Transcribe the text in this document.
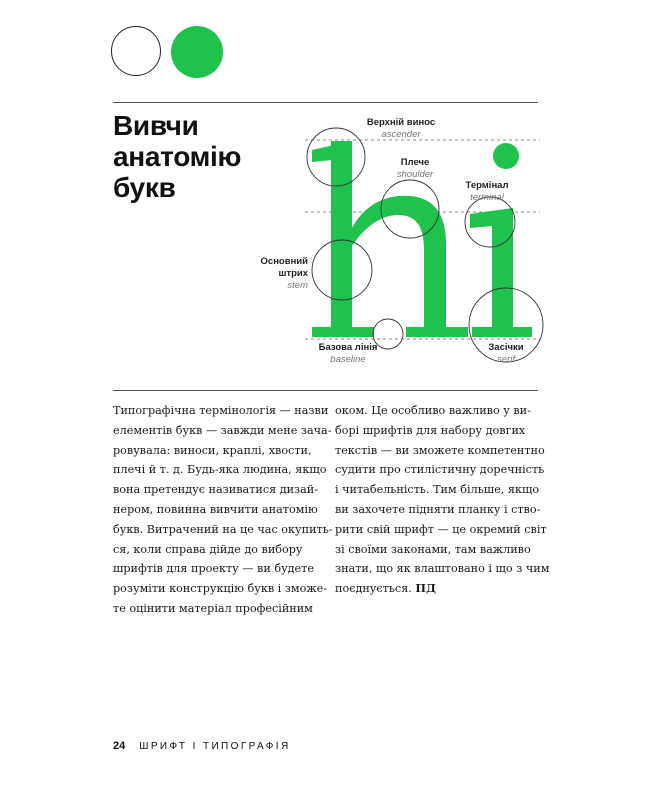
Вивчи
анатомію
букв
Верхній винос
ascender
Плече
shoulder
Термінал
terminal
Основний
штрих
stem
Базова лінія
baseline
Засічки
serif
Типографічна термінологія — назви
елементів букв — завжди мене зача-
ровувала: виноси, краплі, хвости,
плечі й т. д. Будь-яка людина, якщо
вона претендує називатися дизай-
нером, повинна вивчити анатомію
букв. Витрачений на це час окупить-
ся, коли справа дійде до вибору
шрифтів для проекту — ви будете
розуміти конструкцію букв і зможе-
те оцінити матеріал професійним
оком. Це особливо важливо у ви-
борі шрифтів для набору довгих
текстів — ви зможете компетентно
судити про стилістичну доречність
і читабельність. Тим більше, якщо
ви захочете підняти планку і ство-
рити свій шрифт — це окремий світ
зі своїми законами, там важливо
знати, що як влаштовано і що з чим
поєднується. ПД
24 ШРИФТ І ТИПОГРАФІЯ
